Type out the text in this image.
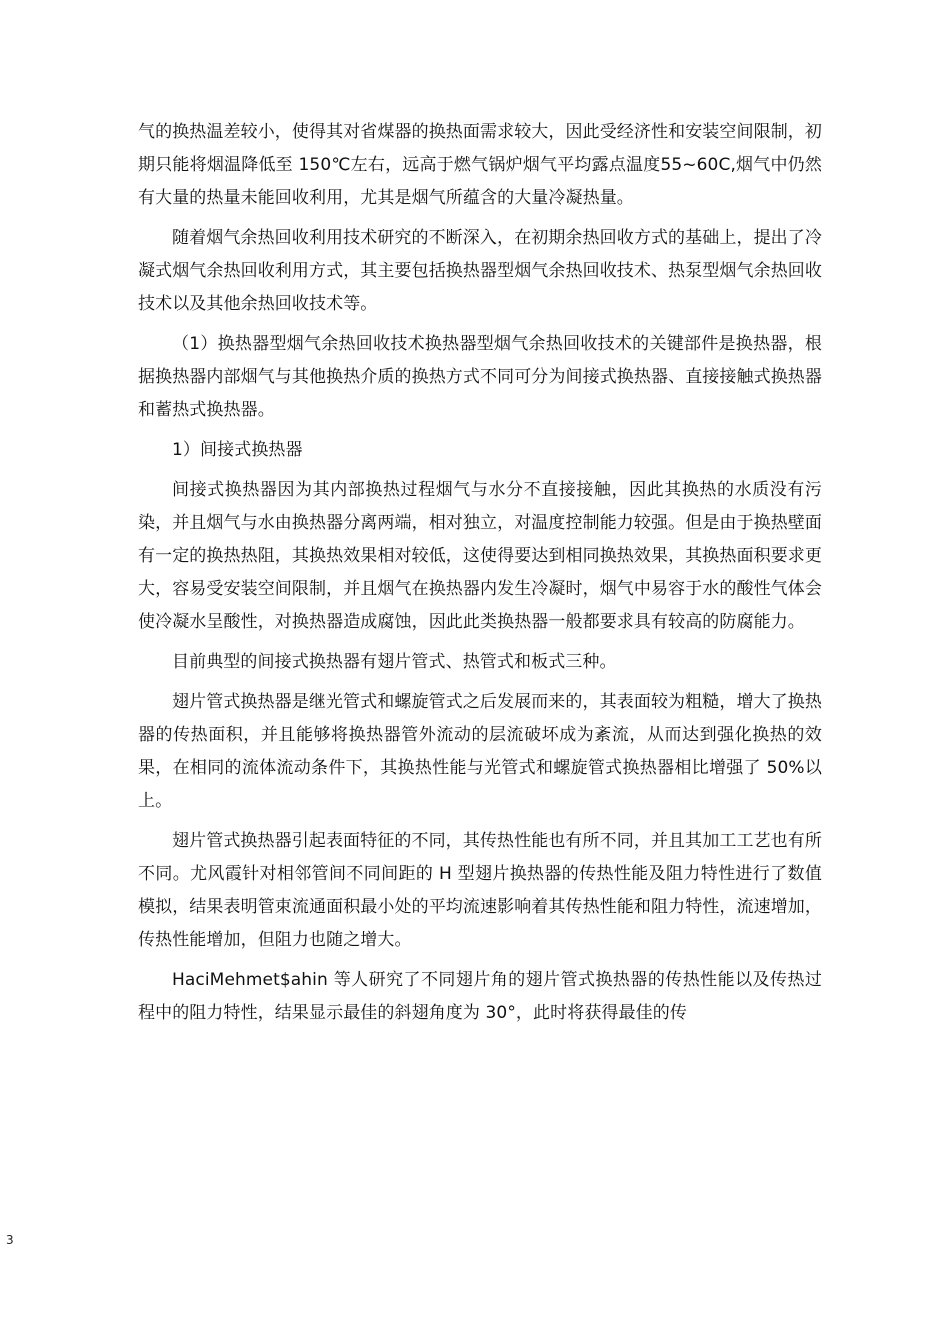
气的换热温差较小，使得其对省煤器的换热面需求较大，因此受经济性和安装空间限制，初期只能将烟温降低至 150℃左右，远高于燃气锅炉烟气平均露点温度55~60C,烟气中仍然有大量的热量未能回收利用，尤其是烟气所蕴含的大量冷凝热量。

随着烟气余热回收利用技术研究的不断深入，在初期余热回收方式的基础上，提出了冷凝式烟气余热回收利用方式，其主要包括换热器型烟气余热回收技术、热泵型烟气余热回收技术以及其他余热回收技术等。

（1）换热器型烟气余热回收技术换热器型烟气余热回收技术的关键部件是换热器，根据换热器内部烟气与其他换热介质的换热方式不同可分为间接式换热器、直接接触式换热器和蓄热式换热器。

1）间接式换热器

间接式换热器因为其内部换热过程烟气与水分不直接接触，因此其换热的水质没有污染，并且烟气与水由换热器分离两端，相对独立，对温度控制能力较强。但是由于换热壁面有一定的换热热阻，其换热效果相对较低，这使得要达到相同换热效果，其换热面积要求更大，容易受安装空间限制，并且烟气在换热器内发生冷凝时，烟气中易容于水的酸性气体会使冷凝水呈酸性，对换热器造成腐蚀，因此此类换热器一般都要求具有较高的防腐能力。

目前典型的间接式换热器有翅片管式、热管式和板式三种。

翅片管式换热器是继光管式和螺旋管式之后发展而来的，其表面较为粗糙，增大了换热器的传热面积，并且能够将换热器管外流动的层流破坏成为紊流，从而达到强化换热的效果，在相同的流体流动条件下，其换热性能与光管式和螺旋管式换热器相比增强了 50%以上。

翅片管式换热器引起表面特征的不同，其传热性能也有所不同，并且其加工工艺也有所不同。尤风霞针对相邻管间不同间距的 H 型翅片换热器的传热性能及阻力特性进行了数值模拟，结果表明管束流通面积最小处的平均流速影响着其传热性能和阻力特性，流速增加，传热性能增加，但阻力也随之增大。

HaciMehmet$ahin 等人研究了不同翅片角的翅片管式换热器的传热性能以及传热过程中的阻力特性，结果显示最佳的斜翅角度为 30°，此时将获得最佳的传

3
